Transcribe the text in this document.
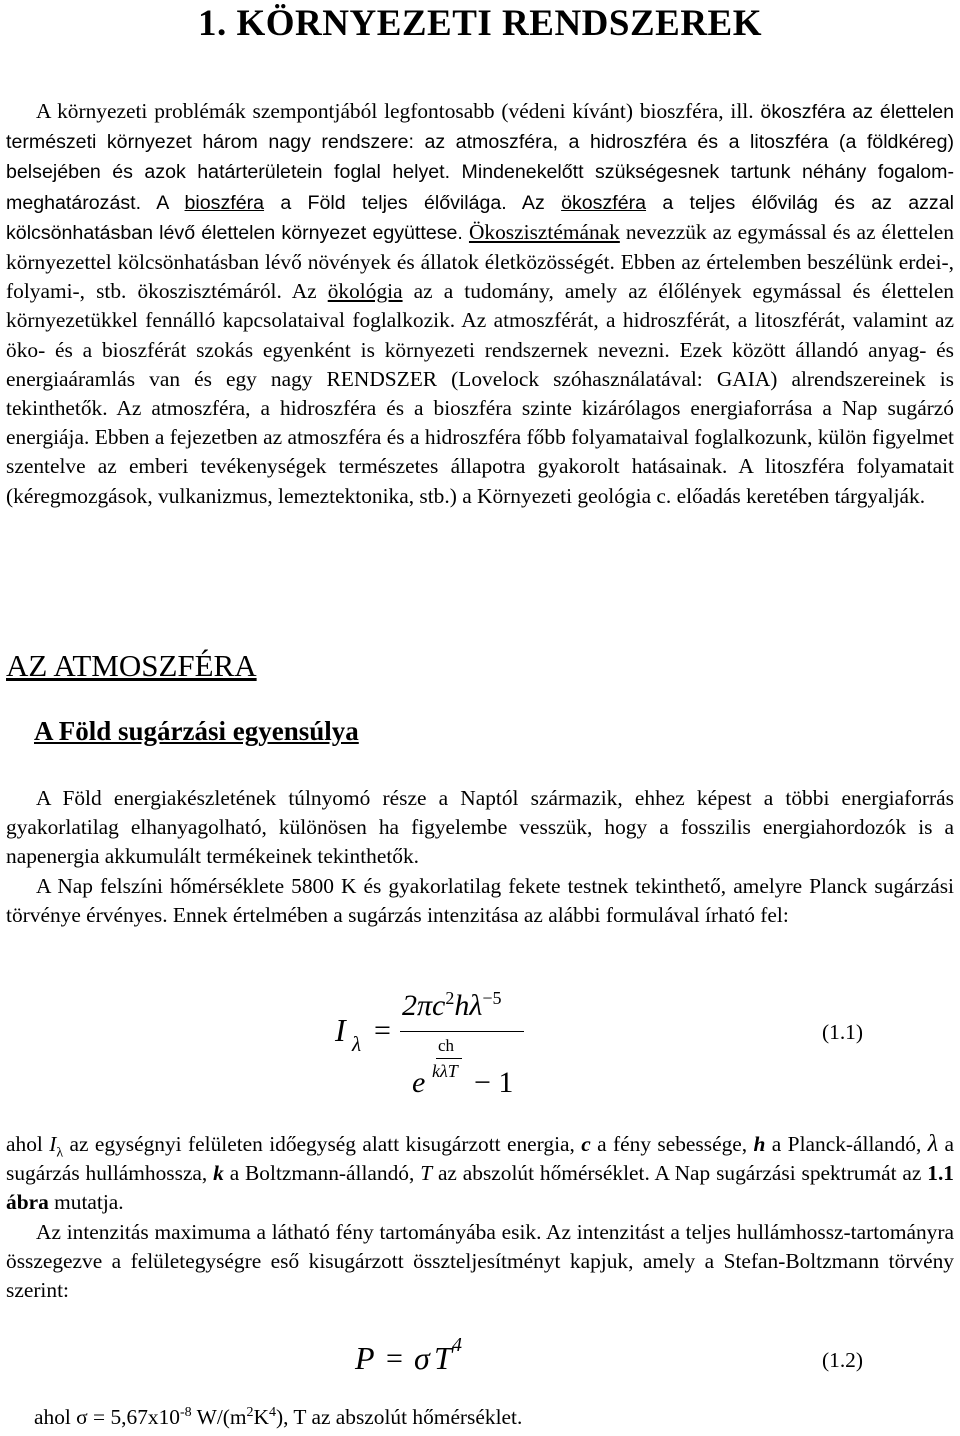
1. KÖRNYEZETI RENDSZEREK

A környezeti problémák szempontjából legfontosabb (védeni kívánt) bioszféra, ill. ökoszféra az élettelen természeti környezet három nagy rendszere: az atmoszféra, a hidroszféra és a litoszféra (a földkéreg) belsejében és azok határterületein foglal helyet. Mindenekelőtt szükségesnek tartunk néhány fogalom-meghatározást. A bioszféra a Föld teljes élővilága. Az ökoszféra a teljes élővilág és az azzal kölcsönhatásban lévő élettelen környezet együttese. Ökoszisztémának nevezzük az egymással és az élettelen környezettel kölcsönhatásban lévő növények és állatok életközösségét. Ebben az értelemben beszélünk erdei-, folyami-, stb. ökoszisztémáról. Az ökológia az a tudomány, amely az élőlények egymással és élettelen környezetükkel fennálló kapcsolataival foglalkozik. Az atmoszférát, a hidroszférát, a litoszférát, valamint az öko- és a bioszférát szokás egyenként is környezeti rendszernek nevezni. Ezek között állandó anyag- és energiaáramlás van és egy nagy RENDSZER (Lovelock szóhasználatával: GAIA) alrendszereinek is tekinthetők. Az atmoszféra, a hidroszféra és a bioszféra szinte kizárólagos energiaforrása a Nap sugárzó energiája. Ebben a fejezetben az atmoszféra és a hidroszféra főbb folyamataival foglalkozunk, külön figyelmet szentelve az emberi tevékenységek természetes állapotra gyakorolt hatásainak. A litoszféra folyamatait (kéregmozgások, vulkanizmus, lemeztektonika, stb.) a Környezeti geológia c. előadás keretében tárgyalják.

AZ ATMOSZFÉRA
A Föld sugárzási egyensúlya

A Föld energiakészletének túlnyomó része a Naptól származik, ehhez képest a többi energiaforrás gyakorlatilag elhanyagolható, különösen ha figyelembe vesszük, hogy a fosszilis energiahordozók is a napenergia akkumulált termékeinek tekinthetők.

A Nap felszíni hőmérséklete 5800 K és gyakorlatilag fekete testnek tekinthető, amelyre Planck sugárzási törvénye érvényes. Ennek értelmében a sugárzás intenzitása az alábbi formulával írható fel:

I λ =
$2\pi c^2h\lambda^{-5}$
ch
e kλT − 1
(1.1)

ahol $I_\lambda$ az egységnyi felületen időegység alatt kisugárzott energia, c a fény sebessége, h a Planck-állandó, λ a sugárzás hullámhossza, k a Boltzmann-állandó, T az abszolút hőmérséklet. A Nap sugárzási spektrumát az 1.1 ábra mutatja.

Az intenzitás maximuma a látható fény tartományába esik. Az intenzitást a teljes hullámhossz-tartományra összegezve a felületegységre eső kisugárzott összteljesítményt kapjuk, amely a Stefan-Boltzmann törvény szerint:

P = σ T 4
(1.2)

ahol $\sigma = 5,67x10^{-8}$ $W/(m^2K^4)$, T az abszolút hőmérséklet.
